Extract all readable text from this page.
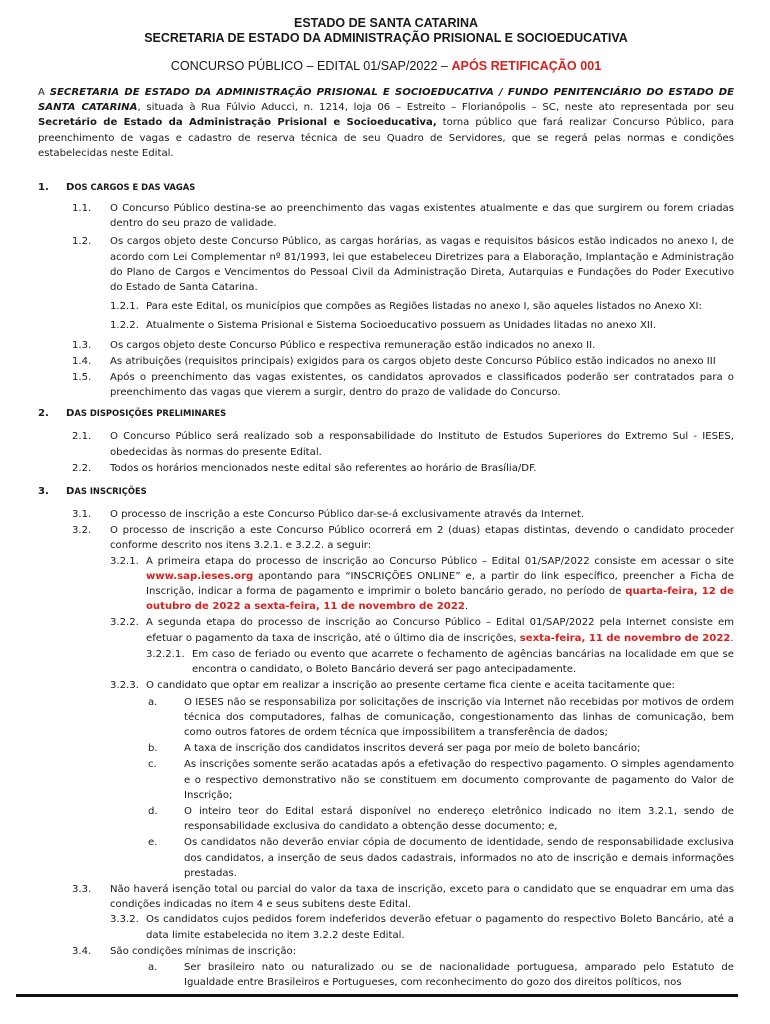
ESTADO DE SANTA CATARINA
SECRETARIA DE ESTADO DA ADMINISTRAÇÃO PRISIONAL E SOCIOEDUCATIVA
CONCURSO PÚBLICO – EDITAL 01/SAP/2022 – APÓS RETIFICAÇÃO 001
A SECRETARIA DE ESTADO DA ADMINISTRAÇÃO PRISIONAL E SOCIOEDUCATIVA / FUNDO PENITENCIÁRIO DO ESTADO DE SANTA CATARINA, situada à Rua Fúlvio Aducci, n. 1214, loja 06 – Estreito – Florianópolis – SC, neste ato representada por seu Secretário de Estado da Administração Prisional e Socioeducativa, torna público que fará realizar Concurso Público, para preenchimento de vagas e cadastro de reserva técnica de seu Quadro de Servidores, que se regerá pelas normas e condições estabelecidas neste Edital.
1.	DOS CARGOS E DAS VAGAS
1.1.	O Concurso Público destina-se ao preenchimento das vagas existentes atualmente e das que surgirem ou forem criadas dentro do seu prazo de validade.
1.2.	Os cargos objeto deste Concurso Público, as cargas horárias, as vagas e requisitos básicos estão indicados no anexo I, de acordo com Lei Complementar nº 81/1993, lei que estabeleceu Diretrizes para a Elaboração, Implantação e Administração do Plano de Cargos e Vencimentos do Pessoal Civil da Administração Direta, Autarquias e Fundações do Poder Executivo do Estado de Santa Catarina.
1.2.1. Para este Edital, os municípios que compões as Regiões listadas no anexo I, são aqueles listados no Anexo XI:
1.2.2. Atualmente o Sistema Prisional e Sistema Socioeducativo possuem as Unidades litadas no anexo XII.
1.3.	Os cargos objeto deste Concurso Público e respectiva remuneração estão indicados no anexo II.
1.4.	As atribuições (requisitos principais) exigidos para os cargos objeto deste Concurso Público estão indicados no anexo III
1.5.	Após o preenchimento das vagas existentes, os candidatos aprovados e classificados poderão ser contratados para o preenchimento das vagas que vierem a surgir, dentro do prazo de validade do Concurso.
2.	DAS DISPOSIÇÕES PRELIMINARES
2.1.	O Concurso Público será realizado sob a responsabilidade do Instituto de Estudos Superiores do Extremo Sul - IESES, obedecidas às normas do presente Edital.
2.2.	Todos os horários mencionados neste edital são referentes ao horário de Brasília/DF.
3.	DAS INSCRIÇÕES
3.1.	O processo de inscrição a este Concurso Público dar-se-á exclusivamente através da Internet.
3.2.	O processo de inscrição a este Concurso Público ocorrerá em 2 (duas) etapas distintas, devendo o candidato proceder conforme descrito nos itens 3.2.1. e 3.2.2. a seguir:
3.2.1. A primeira etapa do processo de inscrição ao Concurso Público – Edital 01/SAP/2022 consiste em acessar o site www.sap.ieses.org apontando para “INSCRIÇÕES ONLINE” e, a partir do link específico, preencher a Ficha de Inscrição, indicar a forma de pagamento e imprimir o boleto bancário gerado, no período de quarta-feira, 12 de outubro de 2022 a sexta-feira, 11 de novembro de 2022.
3.2.2. A segunda etapa do processo de inscrição ao Concurso Público – Edital 01/SAP/2022 pela Internet consiste em efetuar o pagamento da taxa de inscrição, até o último dia de inscrições, sexta-feira, 11 de novembro de 2022.
3.2.2.1. Em caso de feriado ou evento que acarrete o fechamento de agências bancárias na localidade em que se encontra o candidato, o Boleto Bancário deverá ser pago antecipadamente.
3.2.3. O candidato que optar em realizar a inscrição ao presente certame fica ciente e aceita tacitamente que:
a.	O IESES não se responsabiliza por solicitações de inscrição via Internet não recebidas por motivos de ordem técnica dos computadores, falhas de comunicação, congestionamento das linhas de comunicação, bem como outros fatores de ordem técnica que impossibilitem a transferência de dados;
b.	A taxa de inscrição dos candidatos inscritos deverá ser paga por meio de boleto bancário;
c.	As inscrições somente serão acatadas após a efetivação do respectivo pagamento. O simples agendamento e o respectivo demonstrativo não se constituem em documento comprovante de pagamento do Valor de Inscrição;
d.	O inteiro teor do Edital estará disponível no endereço eletrônico indicado no item 3.2.1, sendo de responsabilidade exclusiva do candidato a obtenção desse documento; e,
e.	Os candidatos não deverão enviar cópia de documento de identidade, sendo de responsabilidade exclusiva dos candidatos, a inserção de seus dados cadastrais, informados no ato de inscrição e demais informações prestadas.
3.3.	Não haverá isenção total ou parcial do valor da taxa de inscrição, exceto para o candidato que se enquadrar em uma das condições indicadas no item 4 e seus subitens deste Edital.
3.3.2. Os candidatos cujos pedidos forem indeferidos deverão efetuar o pagamento do respectivo Boleto Bancário, até a data limite estabelecida no item 3.2.2 deste Edital.
3.4.	São condições mínimas de inscrição:
a.	Ser brasileiro nato ou naturalizado ou se de nacionalidade portuguesa, amparado pelo Estatuto de Igualdade entre Brasileiros e Portugueses, com reconhecimento do gozo dos direitos políticos, nos
